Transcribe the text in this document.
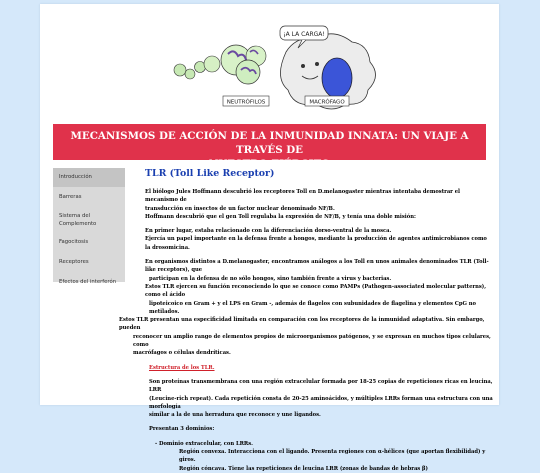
¡A LA CARGA!
NEUTRÓFILOS	MACRÓFAGO
MECANISMOS DE ACCIÓN DE LA INMUNIDAD INNATA: UN VIAJE A TRAVÉS DE
NUESTRO EJÉRCITO
Introducción
Barreras
Sistema del
Complemento
Fagocitosis
Receptores
Efectos del interferón
TLR (Toll Like Receptor)

El biólogo Jules Hoffmann descubrió los receptores Toll en D.melanogaster mientras intentaba demostrar el mecanismo de

transducción en insectos de un factor nuclear denominado NF/B.

Hoffmann descubrió que el gen Toll regulaba la expresión de NF/B, y tenía una doble misión:

En primer lugar, estaba relacionado con la diferenciación dorso-ventral de la mosca.

Ejercía un papel importante en la defensa frente a hongos, mediante la producción de agentes antimicrobianos como la drosomicina.

En organismos distintos a D.melanogaster, encontramos análogos a los Toll en unos animales denominados TLR (Toll-like receptors), que

participan en la defensa de no sólo hongos, sino también frente a virus y bacterias.

Estos TLR ejercen su función reconociendo lo que se conoce como PAMPs (Pathogen-associated molecular patterns), como el ácido

lipoteicoico en Gram + y el LPS en Gram -, además de flagelos con subunidades de flagelina y elementos CpG no metilados.

Estos TLR presentan una especificidad limitada en comparación con los receptores de la inmunidad adaptativa. Sin embargo, pueden

reconocer un amplio rango de elementos propios de microorganismos patógenos, y se expresan en muchos tipos celulares, como

macrófagos o células dendríticas.

Estructura de los TLR.

Son proteínas transmembrana con una región extracelular formada por 18-25 copias de repeticiones ricas en leucina, LRR

(Leucine-rich repeat). Cada repetición consta de 20-25 aminoácidos, y múltiples LRRs forman una estructura con una morfología

similar a la de una herradura que reconoce y une ligandos.

Presentan 3 dominios:

- Dominio extracelular, con LRRs.

Región convexa. Interacciona con el ligando. Presenta regiones con α-hélices (que aportan flexibilidad) y giros.

Región cóncava. Tiene las repeticiones de leucina LRR (zonas de bandas de hebras β)
